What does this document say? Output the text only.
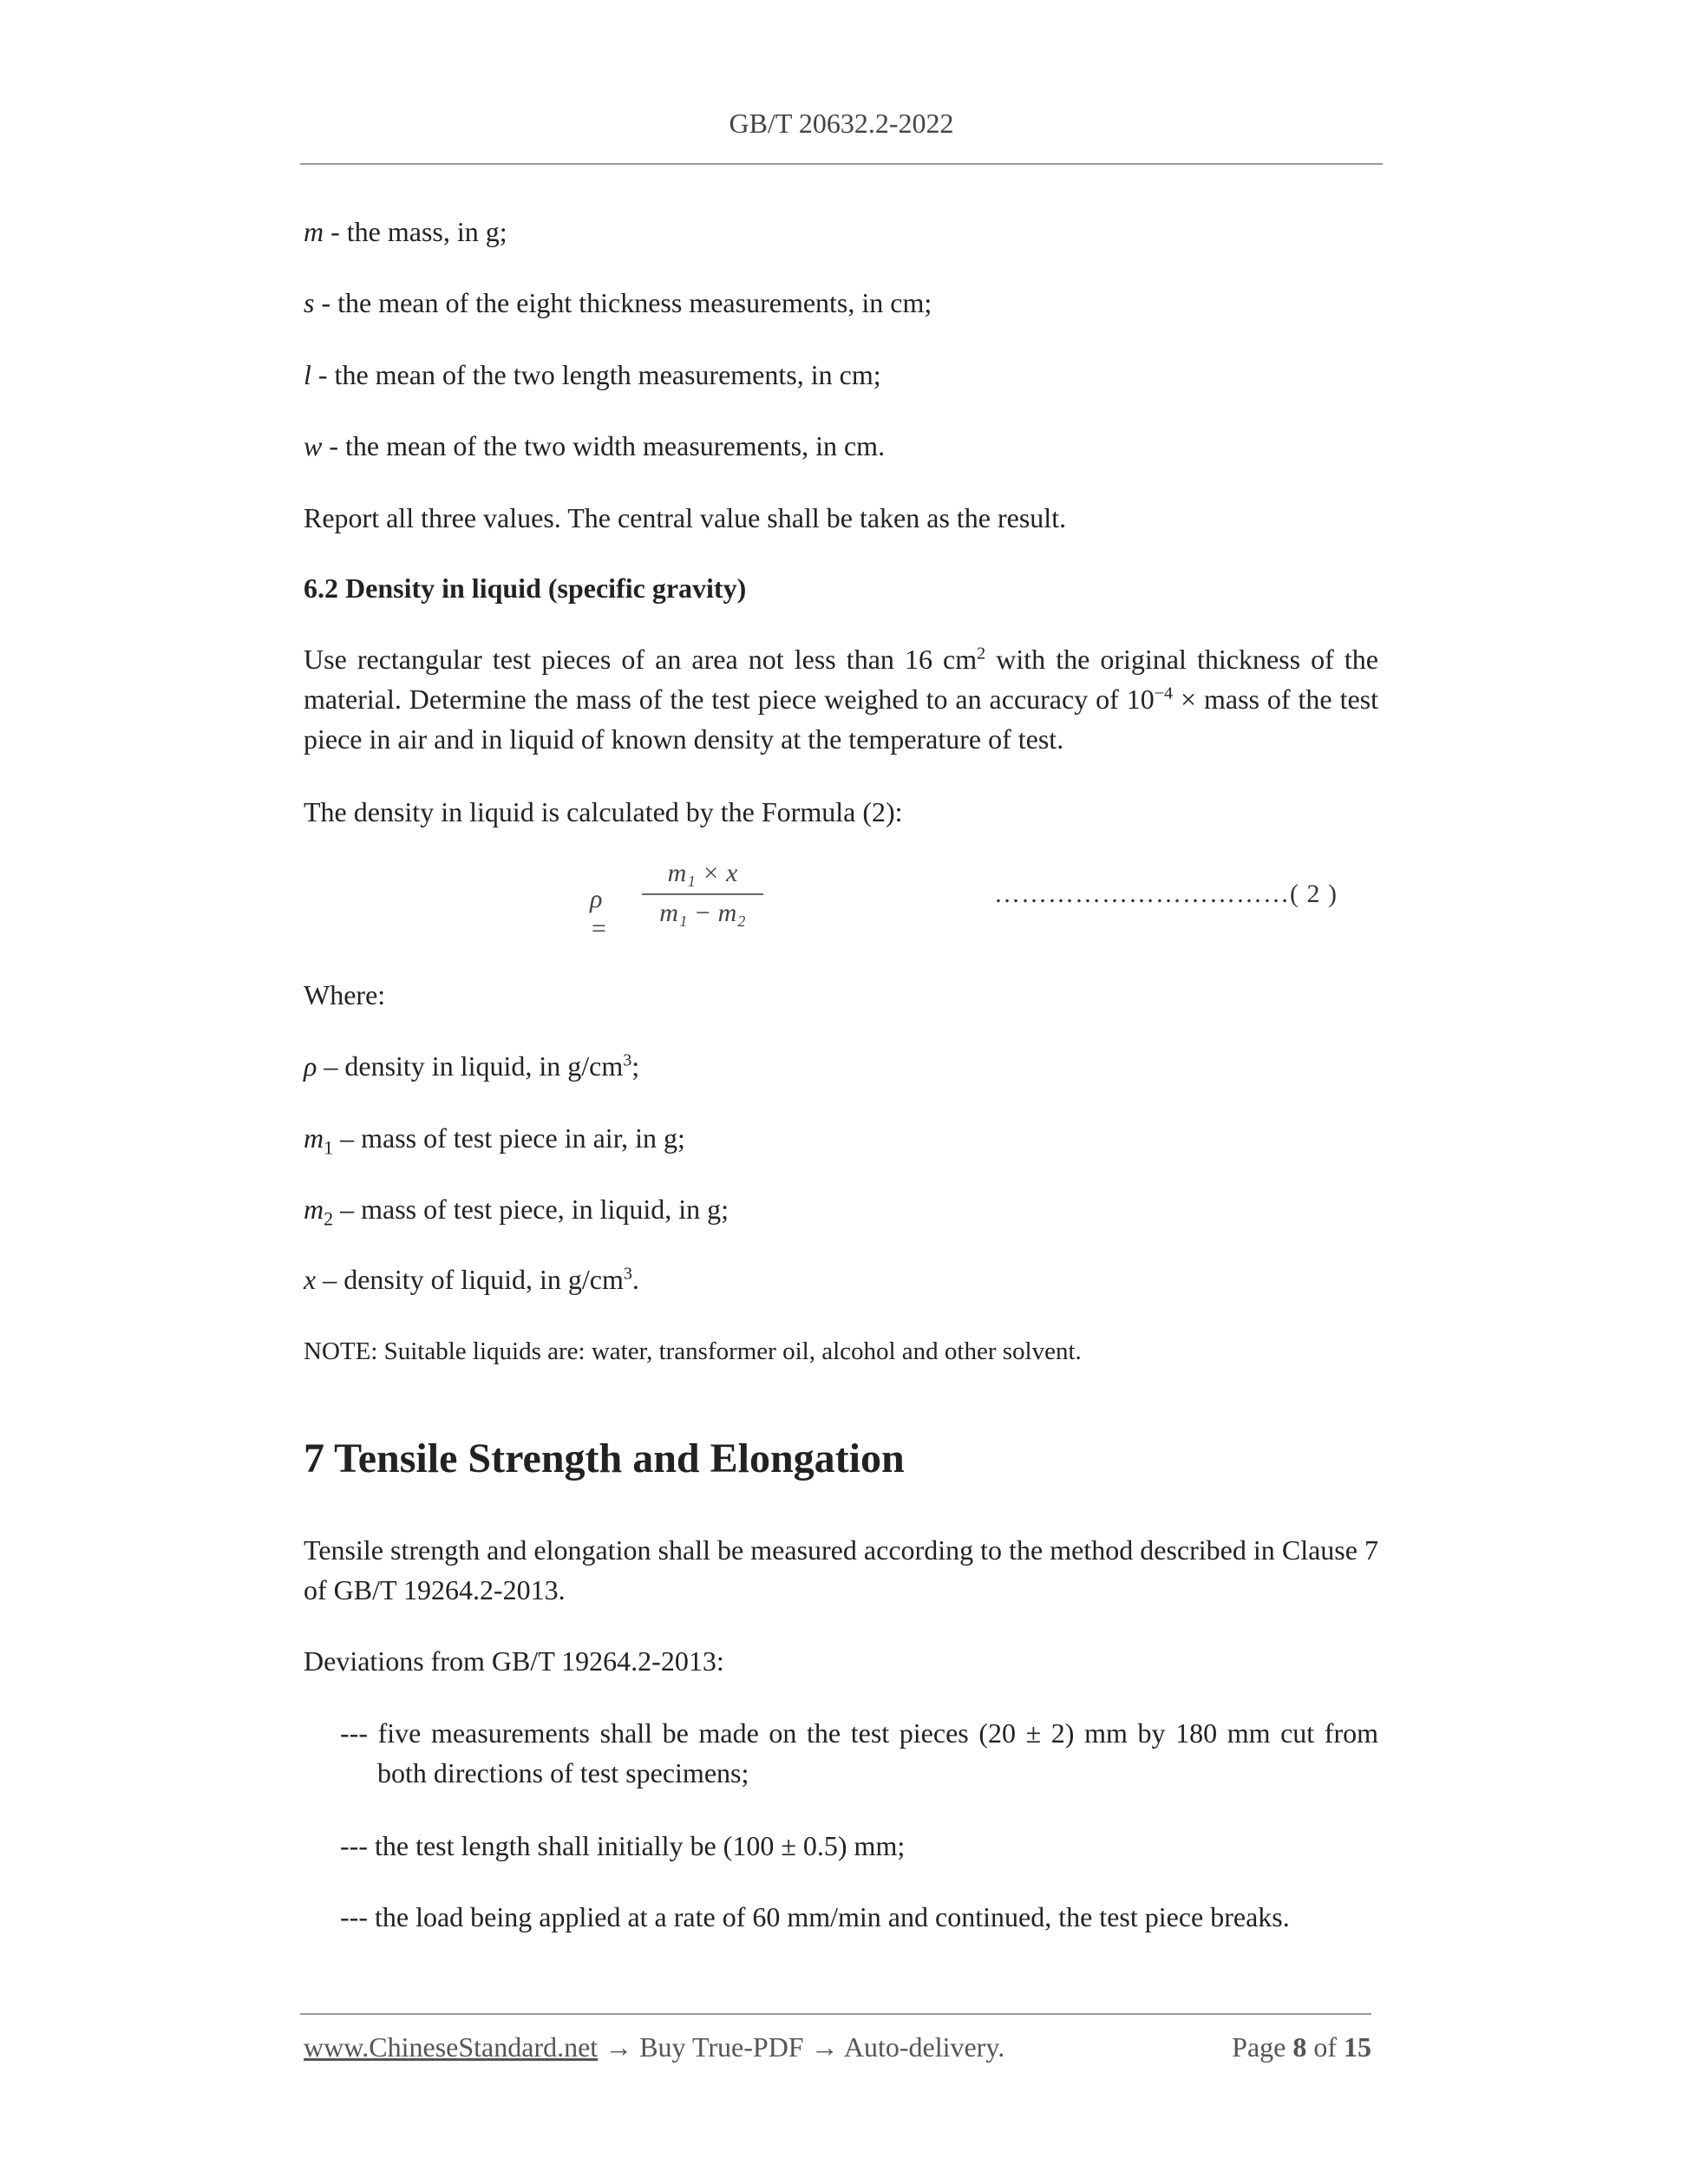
GB/T 20632.2-2022
m - the mass, in g;
s - the mean of the eight thickness measurements, in cm;
l - the mean of the two length measurements, in cm;
w - the mean of the two width measurements, in cm.
Report all three values. The central value shall be taken as the result.
6.2 Density in liquid (specific gravity)
Use rectangular test pieces of an area not less than 16 $cm^2$ with the original thickness of the material. Determine the mass of the test piece weighed to an accuracy of $10^{-4}$ × mass of the test piece in air and in liquid of known density at the temperature of test.
The density in liquid is calculated by the Formula (2):
ρ =
$\frac{\text{m₁ × x}}{\text{m₁ − m₂}}$	……………………………( 2 )
Where:
ρ – density in liquid, in $g/cm^3$;
$m_1$ – mass of test piece in air, in g;
$m_2$ – mass of test piece, in liquid, in g;
x – density of liquid, in $g/cm^3$.
NOTE: Suitable liquids are: water, transformer oil, alcohol and other solvent.
7 Tensile Strength and Elongation
Tensile strength and elongation shall be measured according to the method described in Clause 7 of GB/T 19264.2-2013.
Deviations from GB/T 19264.2-2013:
--- five measurements shall be made on the test pieces (20 ± 2) mm by 180 mm cut from
both directions of test specimens;
--- the test length shall initially be (100 ± 0.5) mm;
--- the load being applied at a rate of 60 mm/min and continued, the test piece breaks.
www.ChineseStandard.net → Buy True-PDF → Auto-delivery.	Page 8 of 15
